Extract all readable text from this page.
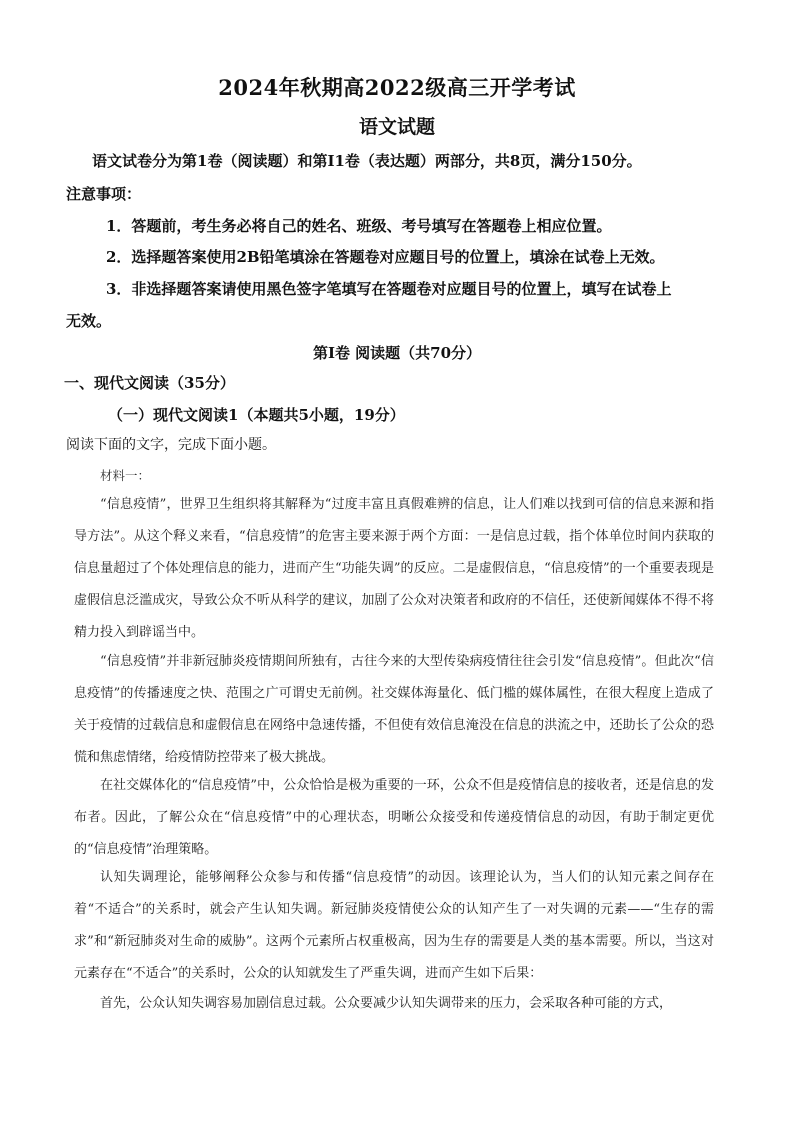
2024年秋期高2022级高三开学考试
语文试题
语文试卷分为第1卷（阅读题）和第I1卷（表达题）两部分，共8页，满分150分。
注意事项：
1．答题前，考生务必将自己的姓名、班级、考号填写在答题卷上相应位置。
2．选择题答案使用2B铅笔填涂在答题卷对应题目号的位置上，填涂在试卷上无效。
3．非选择题答案请使用黑色签字笔填写在答题卷对应题目号的位置上，填写在试卷上
无效。
第I卷 阅读题（共70分）
一、现代文阅读（35分）
（一）现代文阅读1（本题共5小题，19分）
阅读下面的文字，完成下面小题。
材料一：
“信息疫情”，世界卫生组织将其解释为“过度丰富且真假难辨的信息，让人们难以找到可信的信息来源和指导方法”。从这个释义来看，“信息疫情”的危害主要来源于两个方面：一是信息过载，指个体单位时间内获取的信息量超过了个体处理信息的能力，进而产生“功能失调”的反应。二是虚假信息，“信息疫情”的一个重要表现是虚假信息泛滥成灾，导致公众不听从科学的建议，加剧了公众对决策者和政府的不信任，还使新闻媒体不得不将精力投入到辟谣当中。
“信息疫情”并非新冠肺炎疫情期间所独有，古往今来的大型传染病疫情往往会引发“信息疫情”。但此次“信息疫情”的传播速度之快、范围之广可谓史无前例。社交媒体海量化、低门槛的媒体属性，在很大程度上造成了关于疫情的过载信息和虚假信息在网络中急速传播，不但使有效信息淹没在信息的洪流之中，还助长了公众的恐慌和焦虑情绪，给疫情防控带来了极大挑战。
在社交媒体化的“信息疫情”中，公众恰恰是极为重要的一环，公众不但是疫情信息的接收者，还是信息的发布者。因此，了解公众在“信息疫情”中的心理状态，明晰公众接受和传递疫情信息的动因，有助于制定更优的“信息疫情”治理策略。
认知失调理论，能够阐释公众参与和传播“信息疫情”的动因。该理论认为，当人们的认知元素之间存在着“不适合”的关系时，就会产生认知失调。新冠肺炎疫情使公众的认知产生了一对失调的元素——“生存的需求”和“新冠肺炎对生命的威胁”。这两个元素所占权重极高，因为生存的需要是人类的基本需要。所以，当这对元素存在“不适合”的关系时，公众的认知就发生了严重失调，进而产生如下后果：
首先，公众认知失调容易加剧信息过载。公众要减少认知失调带来的压力，会采取各种可能的方式，
